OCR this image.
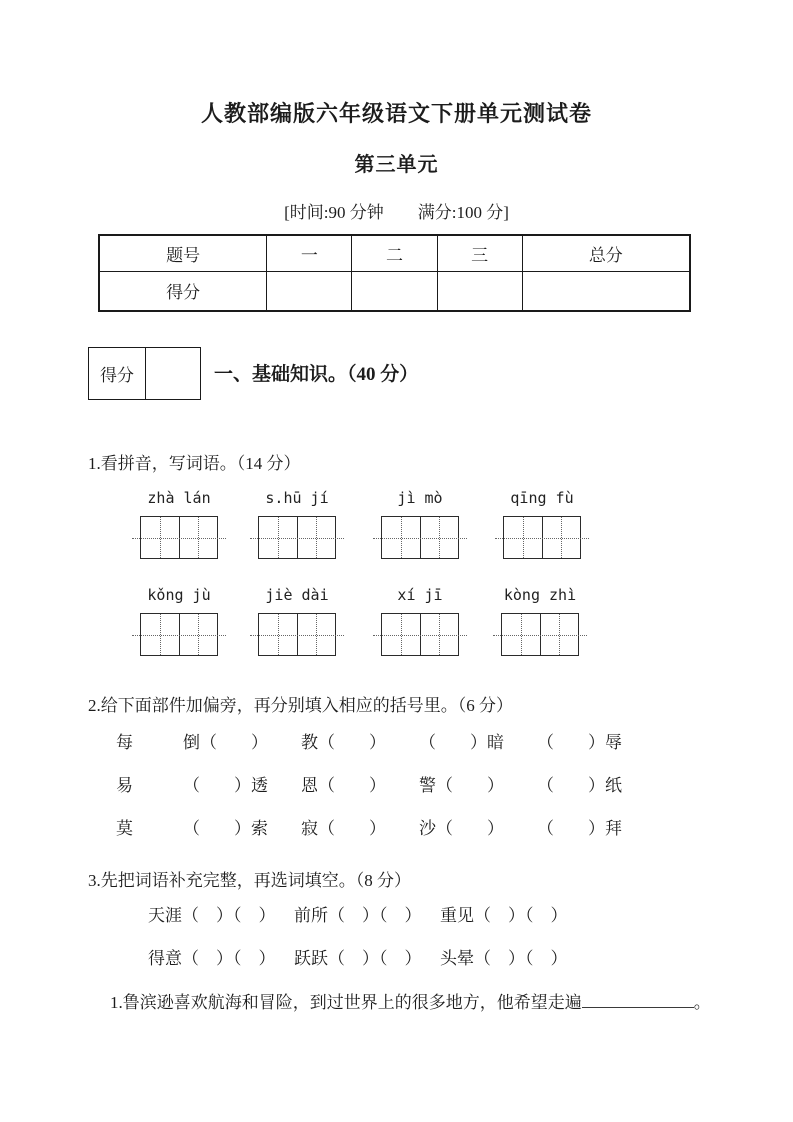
人教部编版六年级语文下册单元测试卷
第三单元
[时间:90 分钟　　满分:100 分]
题号	一	二	三	总分
得分				
得分	一、基础知识。（40 分）
1.看拼音，写词语。（14 分）
zhà lán	s.hū jí	jì mò	qīng fù
kǒng jù	jiè dài	xí jī	kòng zhì
2.给下面部件加偏旁，再分别填入相应的括号里。（6 分）
每	倒（　　）	教（　　）	（　　）暗	（　　）辱
易	（　　）透	恩（　　）	警（　　）	（　　）纸
莫	（　　）索	寂（　　）	沙（　　）	（　　）拜
3.先把词语补充完整，再选词填空。（8 分）
天涯（　）（　）	前所（　）（　）	重见（　）（　）
得意（　）（　）	跃跃（　）（　）	头晕（　）（　）
1.鲁滨逊喜欢航海和冒险，到过世界上的很多地方，他希望走遍	。
